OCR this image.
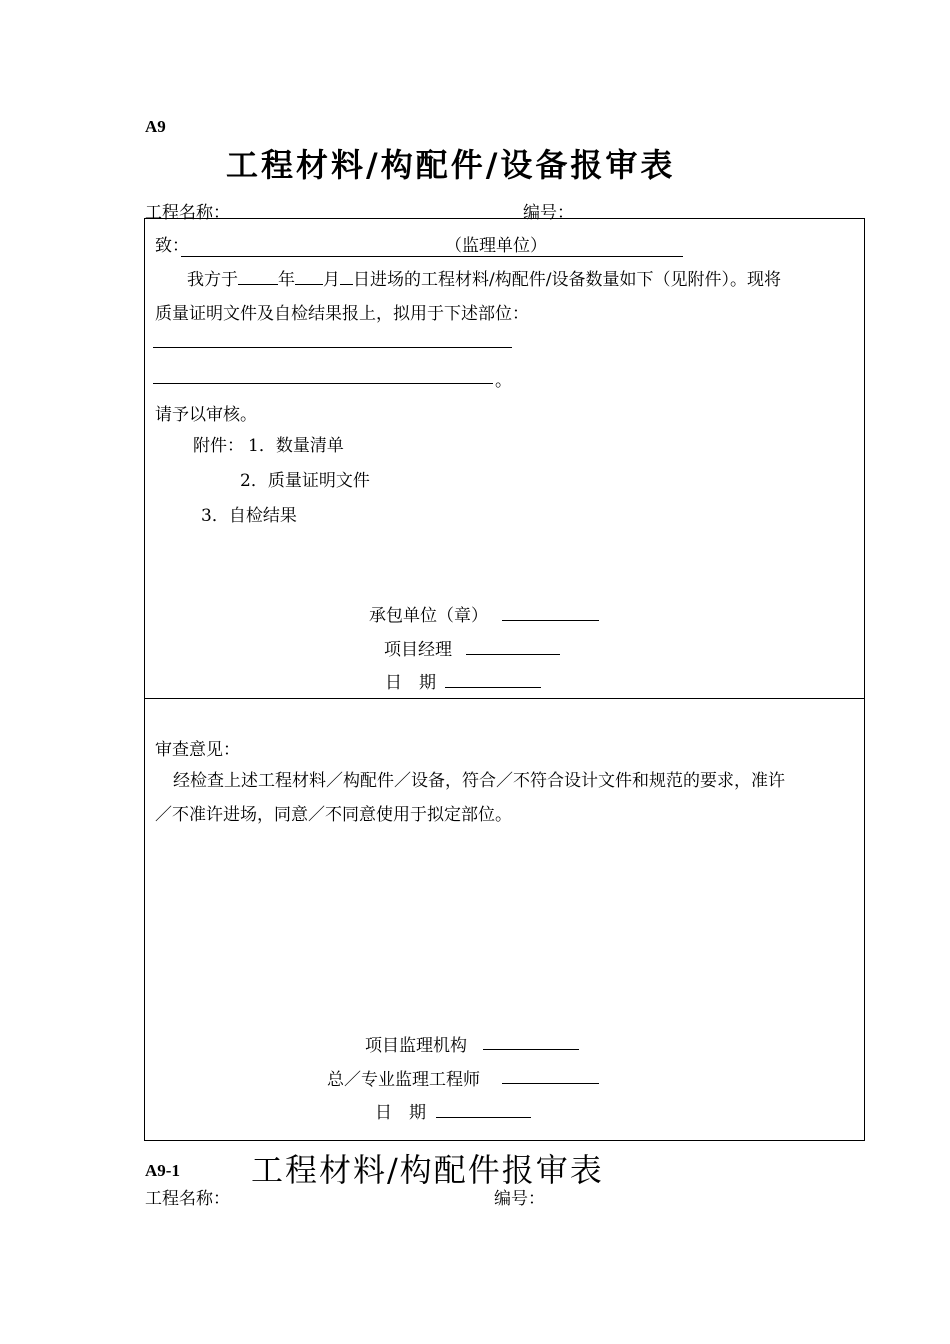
A9
工程材料/构配件/设备报审表
工程名称：	编号：
致：	（监理单位）
我方于 年 月 日进场的工程材料/构配件/设备数量如下（见附件）。现将
质量证明文件及自检结果报上，拟用于下述部位：
。
请予以审核。
附件： 1．数量清单
2．质量证明文件
3．自检结果
承包单位（章）
项目经理
日　期
审查意见：
经检查上述工程材料／构配件／设备，符合／不符合设计文件和规范的要求，准许
／不准许进场，同意／不同意使用于拟定部位。
项目监理机构
总／专业监理工程师
日　期
A9-1 工程材料/构配件报审表
工程名称：	编号：
